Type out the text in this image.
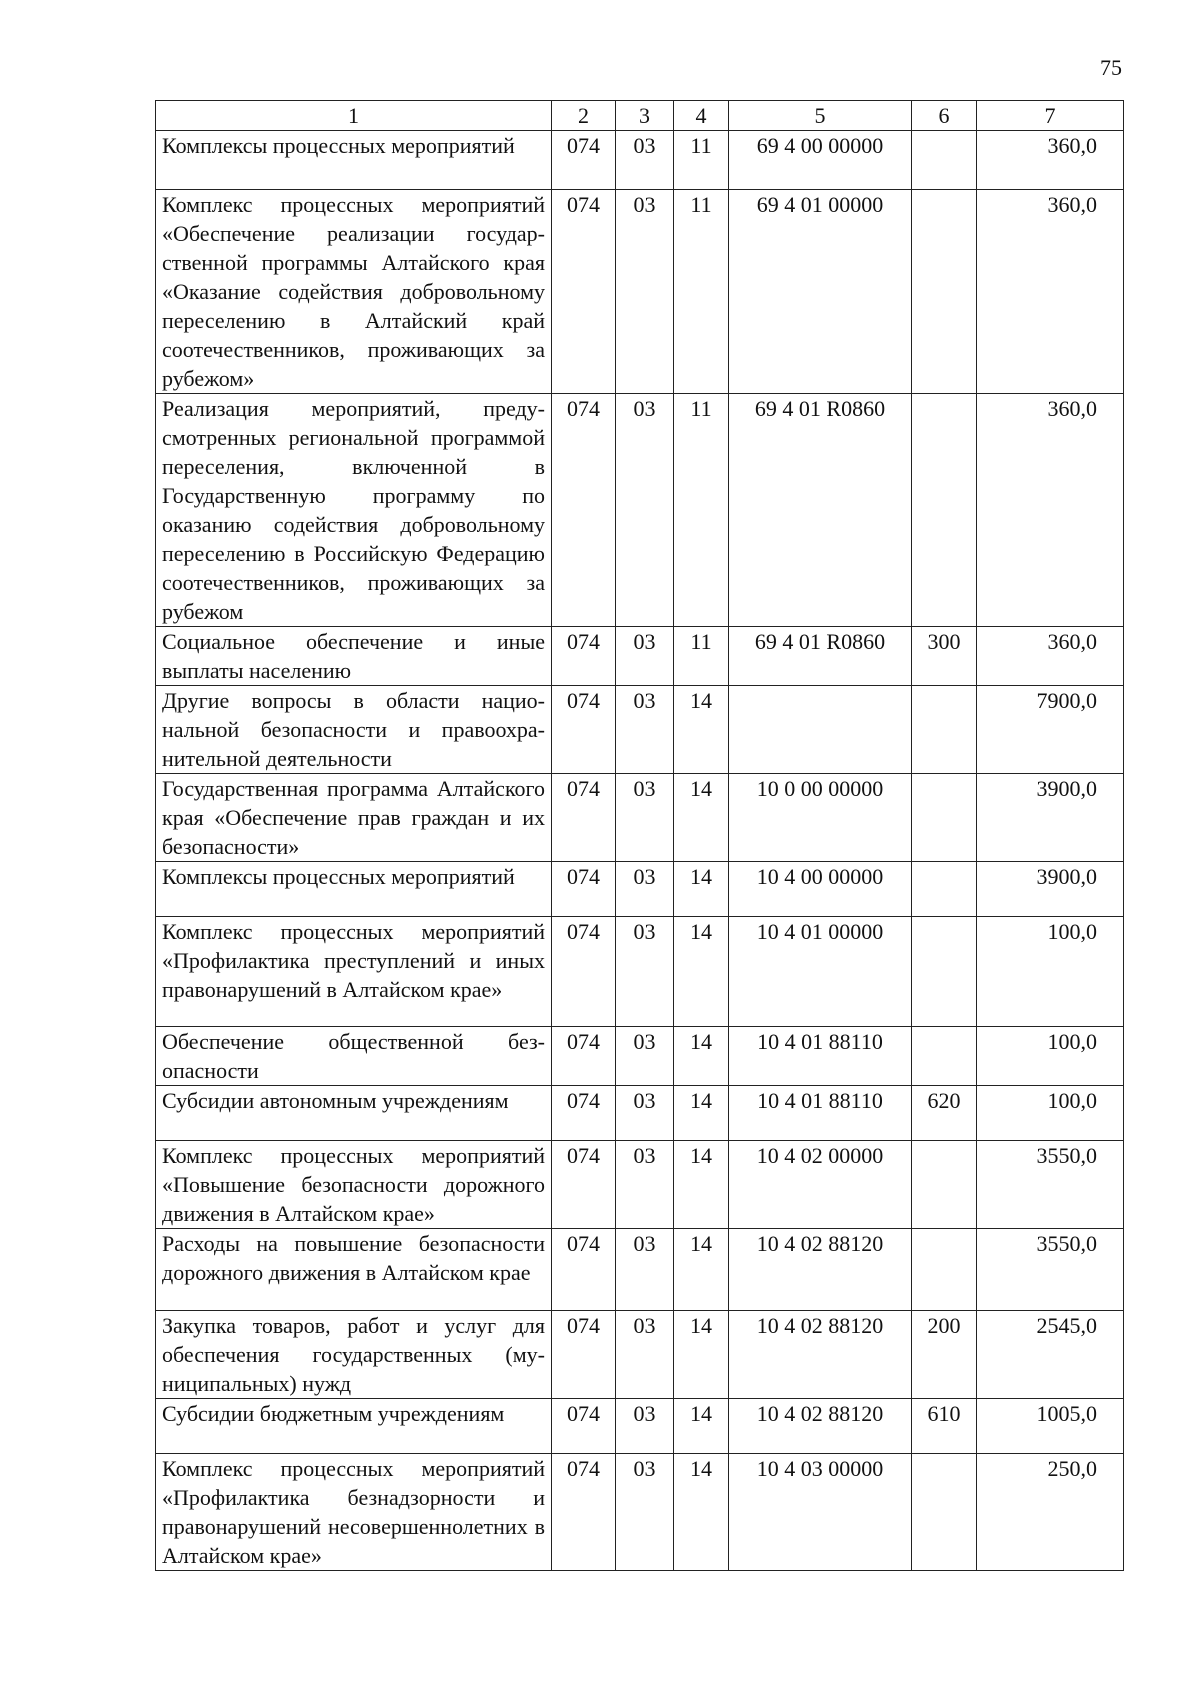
75
1	2	3	4	5	6	7
Комплексы процессных мероприятий	074	03	11	69 4 00 00000		360,0
Комплекс процессных мероприятий «Обеспечение реализации государственной программы Алтайского края «Оказание содействия добровольному переселению в Алтайский край соотечественников, проживающих за рубежом»	074	03	11	69 4 01 00000		360,0
Реализация мероприятий, предусмотренных региональной программой переселения, включенной в Государственную программу по оказанию содействия добровольному переселению в Российскую Федерацию соотечественников, проживающих за рубежом	074	03	11	69 4 01 R0860		360,0
Социальное обеспечение и иные выплаты населению	074	03	11	69 4 01 R0860	300	360,0
Другие вопросы в области национальной безопасности и правоохранительной деятельности	074	03	14			7900,0
Государственная программа Алтайского края «Обеспечение прав граждан и их безопасности»	074	03	14	10 0 00 00000		3900,0
Комплексы процессных мероприятий	074	03	14	10 4 00 00000		3900,0
Комплекс процессных мероприятий «Профилактика преступлений и иных правонарушений в Алтайском крае»	074	03	14	10 4 01 00000		100,0
Обеспечение общественной безопасности	074	03	14	10 4 01 88110		100,0
Субсидии автономным учреждениям	074	03	14	10 4 01 88110	620	100,0
Комплекс процессных мероприятий «Повышение безопасности дорожного движения в Алтайском крае»	074	03	14	10 4 02 00000		3550,0
Расходы на повышение безопасности дорожного движения в Алтайском крае	074	03	14	10 4 02 88120		3550,0
Закупка товаров, работ и услуг для обеспечения государственных (муниципальных) нужд	074	03	14	10 4 02 88120	200	2545,0
Субсидии бюджетным учреждениям	074	03	14	10 4 02 88120	610	1005,0
Комплекс процессных мероприятий «Профилактика безнадзорности и правонарушений несовершеннолетних в Алтайском крае»	074	03	14	10 4 03 00000		250,0
